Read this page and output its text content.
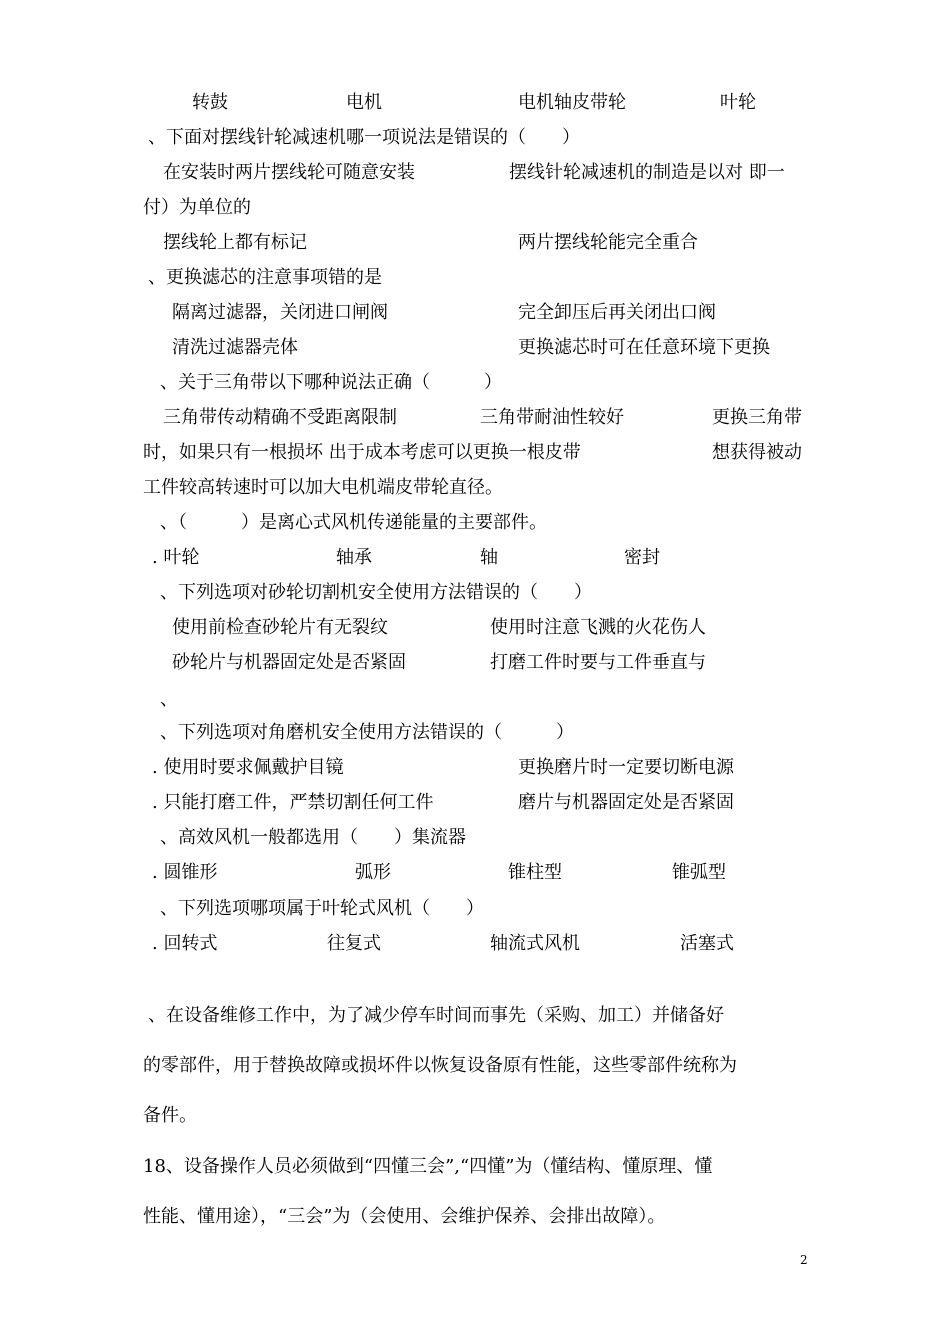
转鼓	电机	电机轴皮带轮	叶轮
、下面对摆线针轮减速机哪一项说法是错误的（　　）
在安装时两片摆线轮可随意安装	摆线针轮减速机的制造是以对 即一
付）为单位的
摆线轮上都有标记	两片摆线轮能完全重合
、更换滤芯的注意事项错的是
隔离过滤器，关闭进口闸阀	完全卸压后再关闭出口阀
清洗过滤器壳体	更换滤芯时可在任意环境下更换
、关于三角带以下哪种说法正确（　　　）
三角带传动精确不受距离限制	三角带耐油性较好	更换三角带
时，如果只有一根损坏 出于成本考虑可以更换一根皮带	想获得被动
工件较高转速时可以加大电机端皮带轮直径。
、（　　　）是离心式风机传递能量的主要部件。
. 叶轮	轴承	轴	密封
、下列选项对砂轮切割机安全使用方法错误的（　　）
使用前检查砂轮片有无裂纹	使用时注意飞溅的火花伤人
砂轮片与机器固定处是否紧固	打磨工件时要与工件垂直与
、
、下列选项对角磨机安全使用方法错误的（　　　）
. 使用时要求佩戴护目镜	更换磨片时一定要切断电源
. 只能打磨工件，严禁切割任何工件	磨片与机器固定处是否紧固
、高效风机一般都选用（　　）集流器
. 圆锥形	弧形	锥柱型	锥弧型
、下列选项哪项属于叶轮式风机（　　）
. 回转式	往复式	轴流式风机	活塞式
、在设备维修工作中，为了减少停车时间而事先（采购、加工）并储备好
的零部件，用于替换故障或损坏件以恢复设备原有性能，这些零部件统称为
备件。
18、设备操作人员必须做到“四懂三会”,“四懂”为（懂结构、懂原理、懂
性能、懂用途），“三会”为（会使用、会维护保养、会排出故障）。
2
